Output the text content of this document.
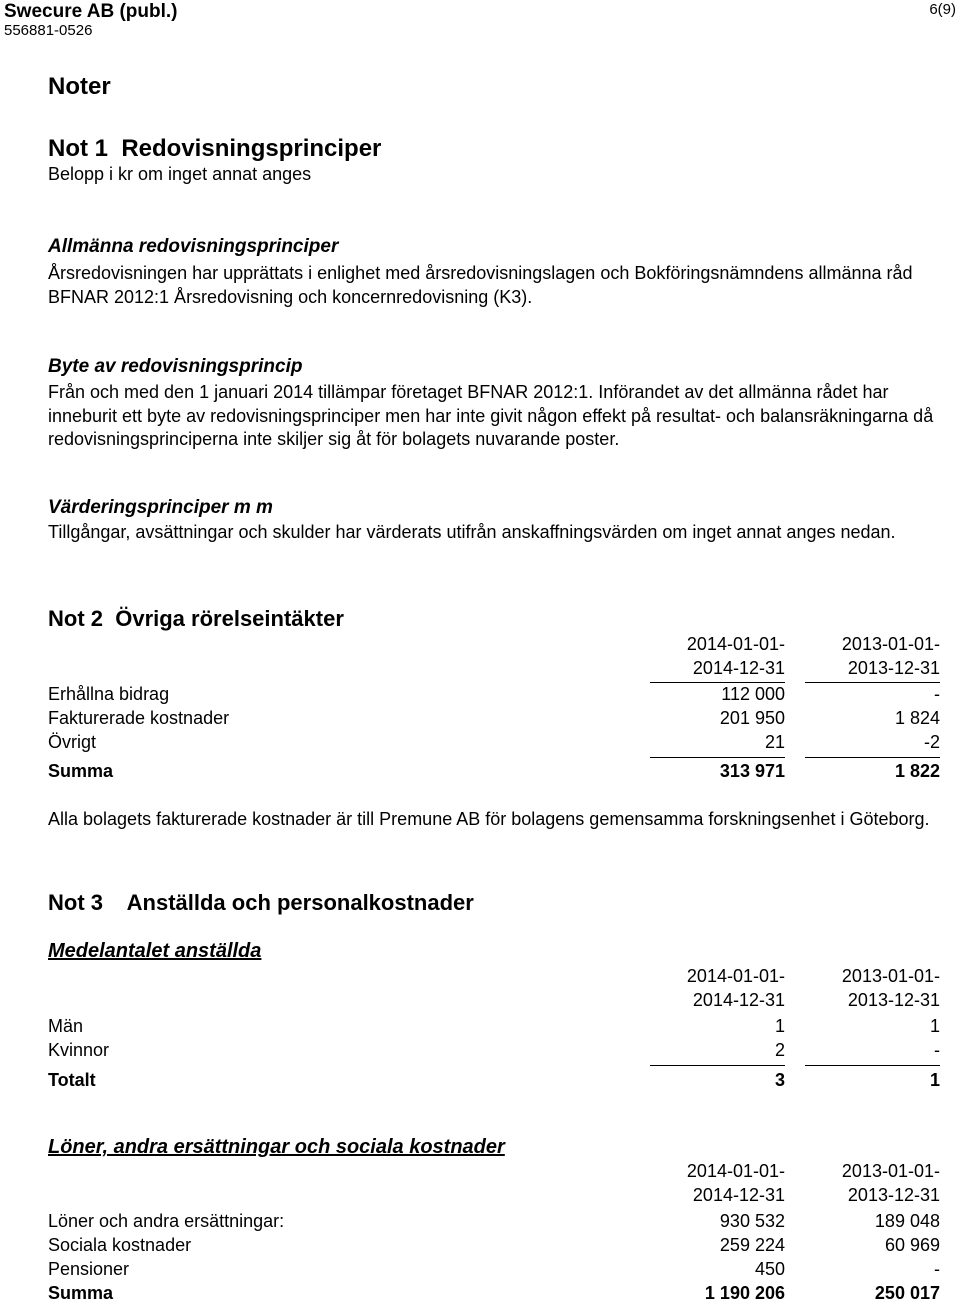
Swecure AB (publ.)
556881-0526
6(9)
Noter
Not 1  Redovisningsprinciper
Belopp i kr om inget annat anges
Allmänna redovisningsprinciper
Årsredovisningen har upprättats i enlighet med årsredovisningslagen och Bokföringsnämndens allmänna råd BFNAR 2012:1 Årsredovisning och koncernredovisning (K3).
Byte av redovisningsprincip
Från och med den 1 januari 2014 tillämpar företaget BFNAR 2012:1. Införandet av det allmänna rådet har inneburit ett byte av redovisningsprinciper men har inte givit någon effekt på resultat- och balansräkningarna då redovisningsprinciperna inte skiljer sig åt för bolagets nuvarande poster.
Värderingsprinciper m m
Tillgångar, avsättningar och skulder har värderats utifrån anskaffningsvärden om inget annat anges nedan.
Not 2  Övriga rörelseintäkter
2014-01-01-	2013-01-01-
2014-12-31	2013-12-31
Erhållna bidrag	112 000	-
Fakturerade kostnader	201 950	1 824
Övrigt	21	-2
Summa	313 971	1 822
Alla bolagets fakturerade kostnader är till Premune AB för bolagens gemensamma forskningsenhet i Göteborg.
Not 3    Anställda och personalkostnader
Medelantalet anställda
2014-01-01-	2013-01-01-
2014-12-31	2013-12-31
Män	1	1
Kvinnor	2	-
Totalt	3	1
Löner, andra ersättningar och sociala kostnader
2014-01-01-	2013-01-01-
2014-12-31	2013-12-31
Löner och andra ersättningar:	930 532	189 048
Sociala kostnader	259 224	60 969
Pensioner	450	-
Summa	1 190 206	250 017
